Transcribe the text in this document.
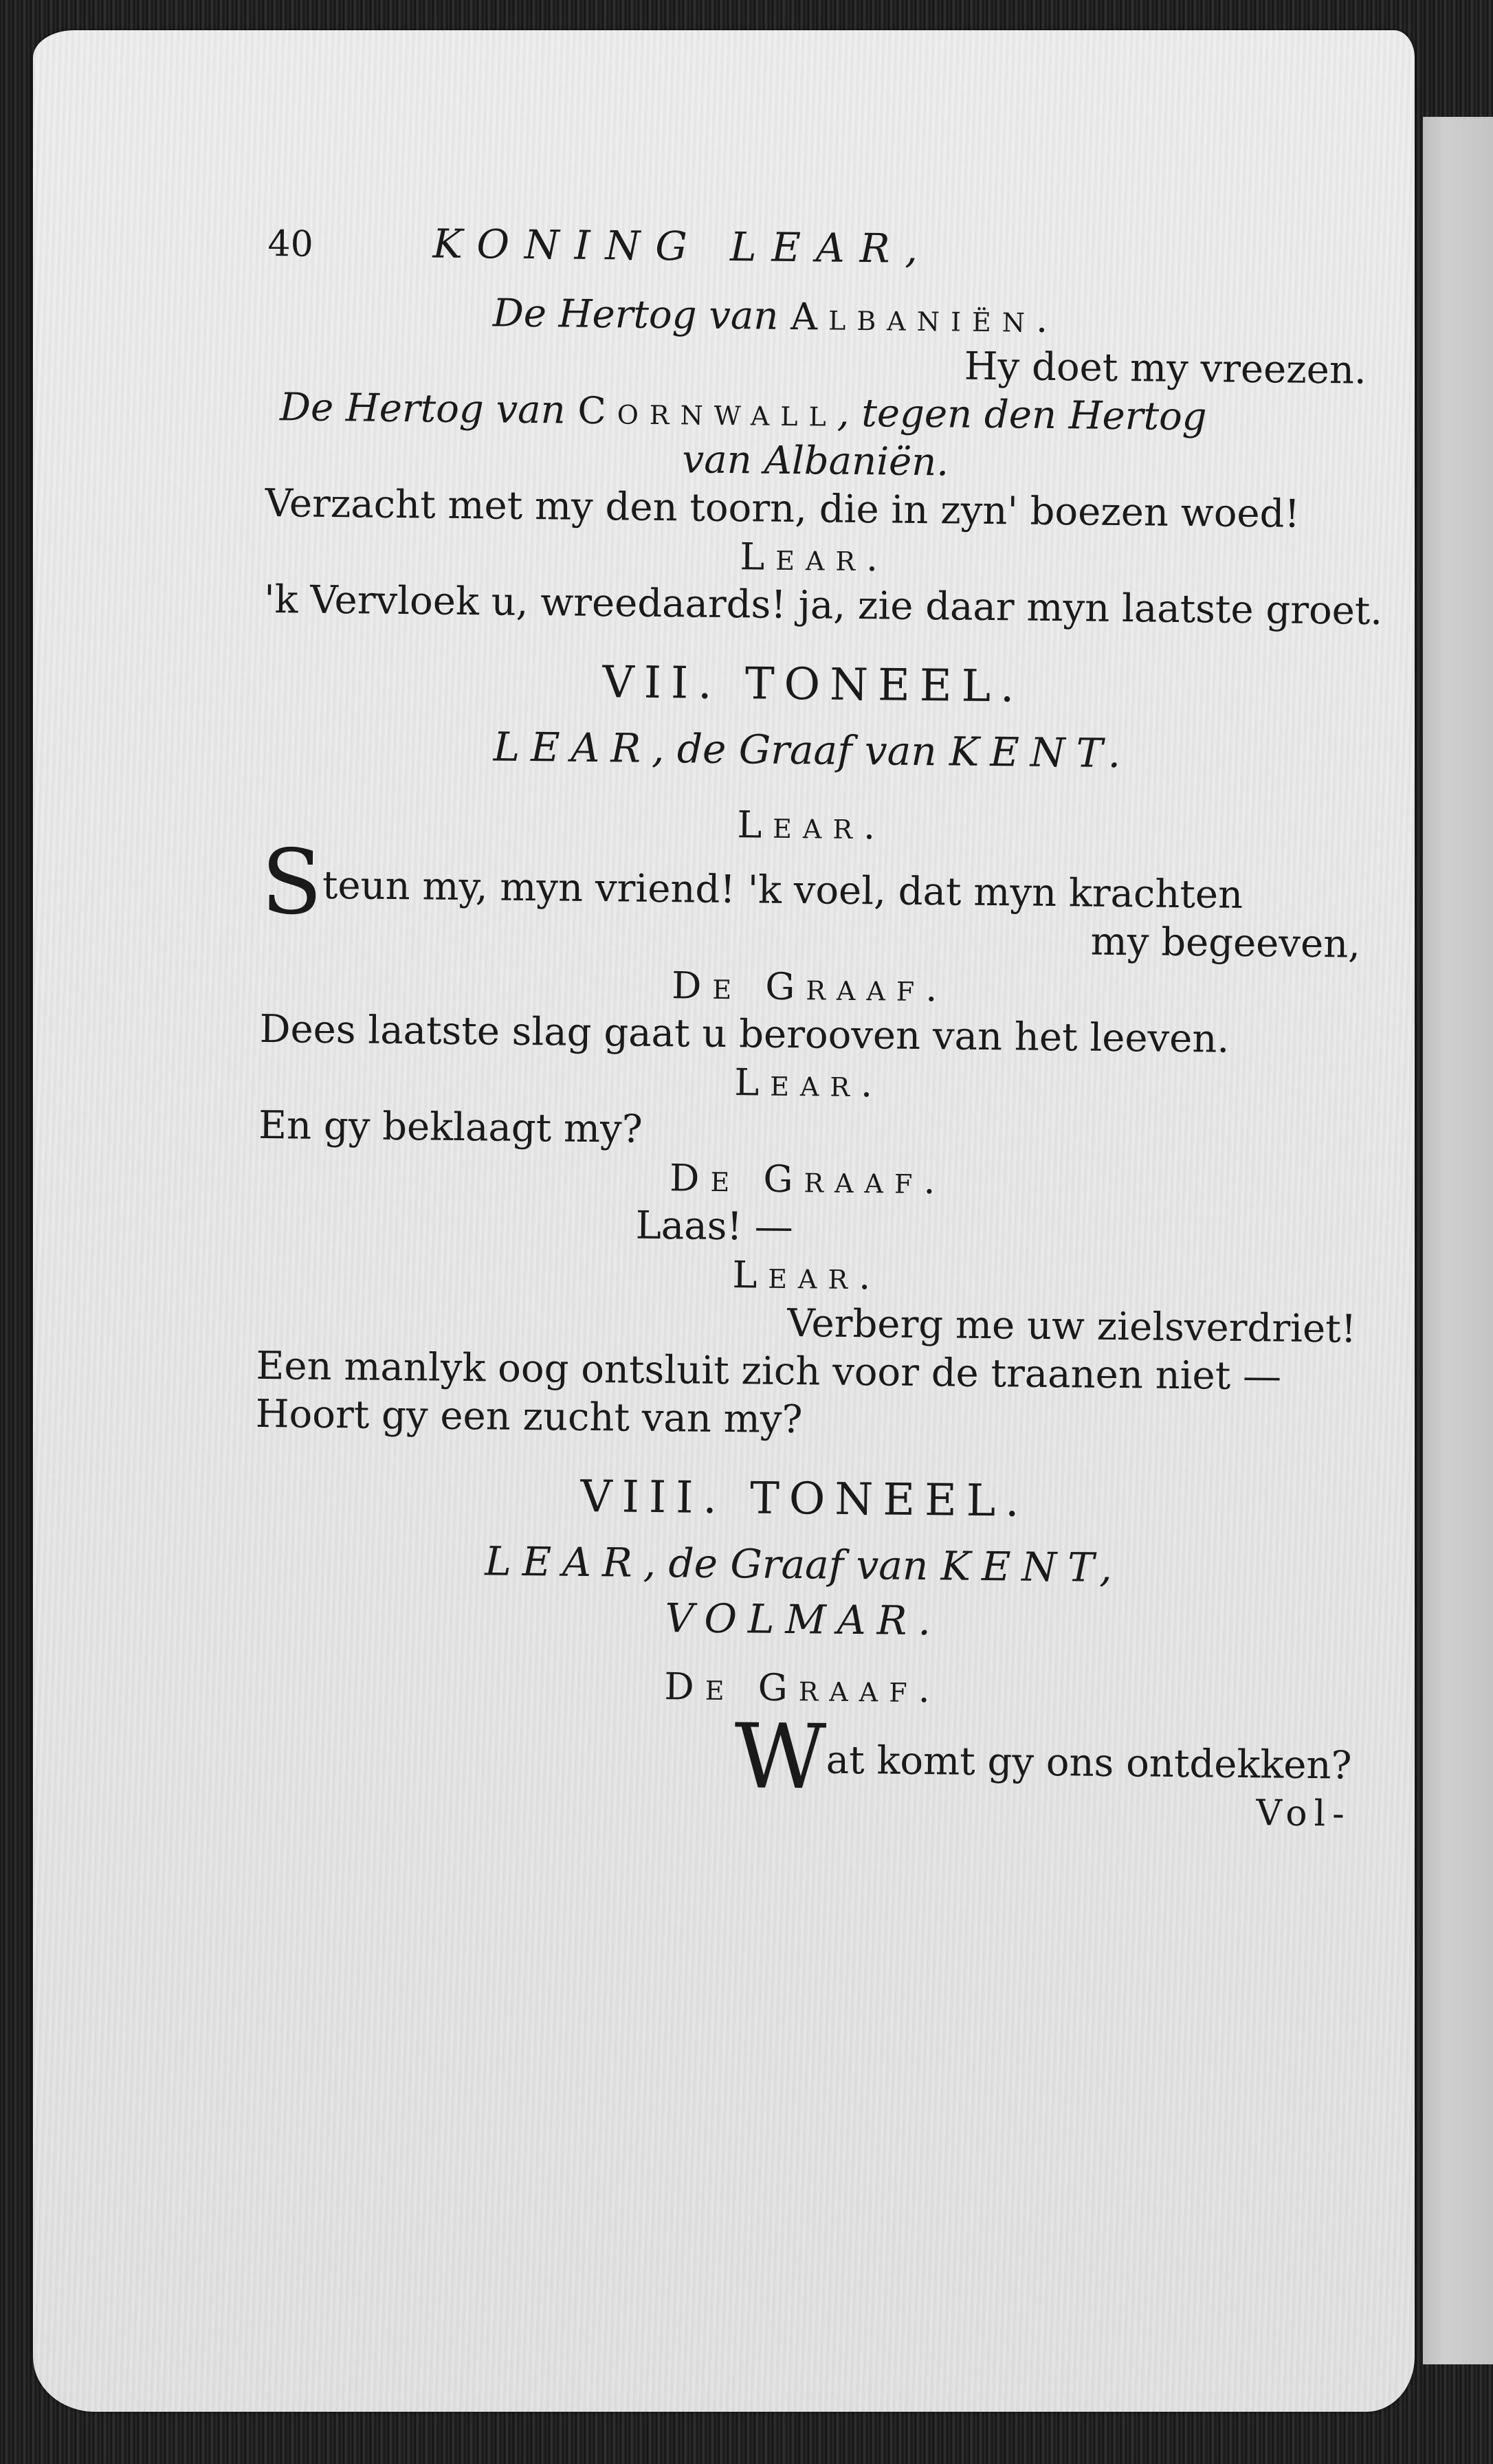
40	KONING LEAR,
De Hertog van Albaniën.
Hy doet my vreezen.
De Hertog van Cornwall, tegen den Hertog
van Albaniën.
Verzacht met my den toorn, die in zyn' boezen woed!
Lear.
'k Vervloek u, wreedaards! ja, zie daar myn laatste groet.
VII. TONEEL.
LEAR, de Graaf van KENT.
Lear.
Steun my, myn vriend! 'k voel, dat myn krachten
my begeeven,
De Graaf.
Dees laatste slag gaat u berooven van het leeven.
Lear.
En gy beklaagt my?
De Graaf.
Laas! —
Lear.
Verberg me uw zielsverdriet!
Een manlyk oog ontsluit zich voor de traanen niet —
Hoort gy een zucht van my?
VIII. TONEEL.
LEAR, de Graaf van KENT,
VOLMAR.
De Graaf.
Wat komt gy ons ontdekken?
Vol-
